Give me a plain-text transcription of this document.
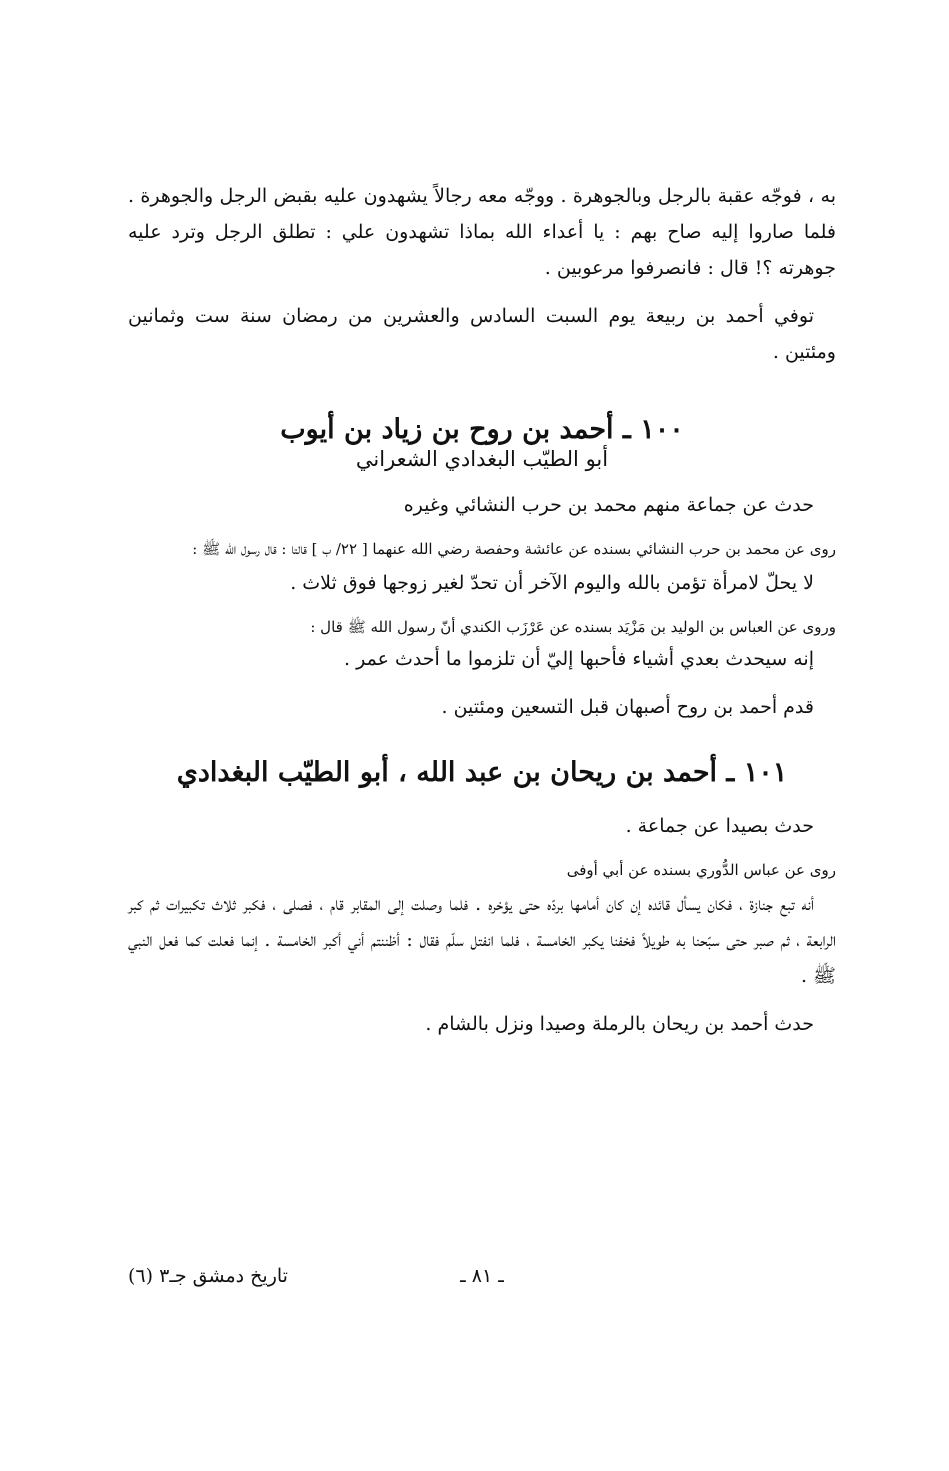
به ، فوجّه عقبة بالرجل وبالجوهرة . ووجّه معه رجالاً يشهدون عليه بقبض الرجل والجوهرة . فلما صاروا إليه صاح بهم : يا أعداء الله بماذا تشهدون علي : تطلق الرجل وترد عليه جوهرته ؟! قال : فانصرفوا مرعوبين .

توفي أحمد بن ربيعة يوم السبت السادس والعشرين من رمضان سنة ست وثمانين ومئتين .

١٠٠ ـ أحمد بن روح بن زياد بن أيوب

أبو الطيّب البغدادي الشعراني

حدث عن جماعة منهم محمد بن حرب النشائي وغيره

روى عن محمد بن حرب النشائي بسنده عن عائشة وحفصة رضي الله عنهما [ ٢٢/ ب ] قالتا : قال رسول الله ﷺ :

لا يحلّ لامرأة تؤمن بالله واليوم الآخر أن تحدّ لغير زوجها فوق ثلاث .

وروى عن العباس بن الوليد بن مَزْيَد بسنده عن عَرْزَب الكندي أنّ رسول الله ﷺ قال :

إنه سيحدث بعدي أشياء فأحبها إليّ أن تلزموا ما أحدث عمر .

قدم أحمد بن روح أصبهان قبل التسعين ومئتين .

١٠١ ـ أحمد بن ريحان بن عبد الله ، أبو الطيّب البغدادي

حدث بصيدا عن جماعة .

روى عن عباس الدُّوري بسنده عن أبي أوفى

أنه تبع جنازة ، فكان يسأل قائده إن كان أمامها بردّه حتى يؤخره . فلما وصلت إلى المقابر قام ، فصلى ، فكبر ثلاث تكبيرات ثم كبر الرابعة ، ثم صبر حتى سبّحنا به طويلاً فخفنا يكبر الخامسة ، فلما انفتل سلّم فقال : أظننتم أني أكبر الخامسة . إنما فعلت كما فعل النبي ﷺ .

حدث أحمد بن ريحان بالرملة وصيدا ونزل بالشام .

ـ ٨١ ـ
تاريخ دمشق جـ٣ (٦)
